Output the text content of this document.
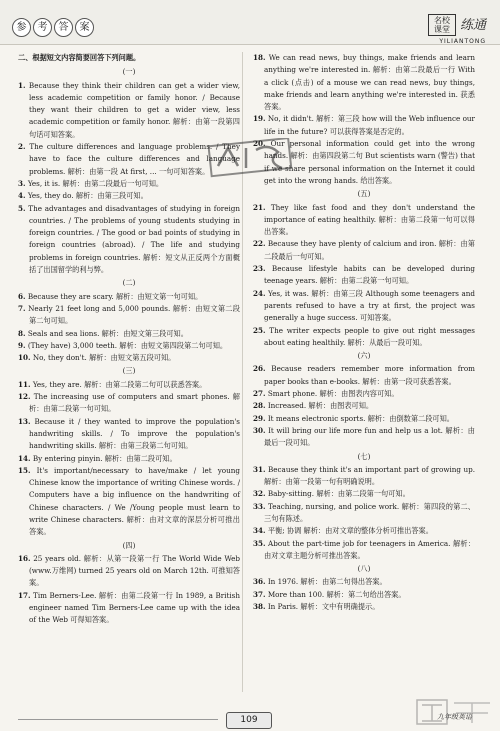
参	考	答	案
名校课堂 练通
YILIANTONG
二、根据短文内容简要回答下列问题。
(一)
1. Because they think their children can get a wider view, less academic competition or family honor. / Because they want their children to get a wider view, less academic competition or family honor. 解析：由第一段第四句话可知答案。
2. The culture differences and language problems. / They have to face the culture differences and language problems. 解析：由第一段 At first, ... 一句可知答案。
3. Yes, it is. 解析：由第二段最后一句可知。
4. Yes, they do. 解析：由第三段可知。
5. The advantages and disadvantages of studying in foreign countries. / The problems of young students studying in foreign countries. / The good or bad points of studying in foreign countries (abroad). / The life and studying problems in foreign countries. 解析：短文从正反两个方面概括了出国留学的利与弊。
(二)
6. Because they are scary. 解析：由短文第一句可知。
7. Nearly 21 feet long and 5,000 pounds. 解析：由短文第二段第二句可知。
8. Seals and sea lions. 解析：由短文第三段可知。
9. (They have) 3,000 teeth. 解析：由短文第四段第二句可知。
10. No, they don't. 解析：由短文第五段可知。
(三)
11. Yes, they are. 解析：由第二段第二句可以获悉答案。
12. The increasing use of computers and smart phones. 解析：由第二段第一句可知。
13. Because it / they wanted to improve the population's handwriting skills. / To improve the population's handwriting skills. 解析：由第三段第二句可知。
14. By entering pinyin. 解析：由第二段可知。
15. It's important/necessary to have/make / let young Chinese know the importance of writing Chinese words. / Computers have a big influence on the handwriting of Chinese characters. / We /Young people must learn to write Chinese characters. 解析：由对文章的深层分析可推出答案。
(四)
16. 25 years old. 解析：从第一段第一行 The World Wide Web (www.万维网) turned 25 years old on March 12th. 可推知答案。
17. Tim Berners-Lee. 解析：由第二段第一行 In 1989, a British engineer named Tim Berners-Lee came up with the idea of the Web 可得知答案。
18. We can read news, buy things, make friends and learn anything we're interested in. 解析：由第二段最后一行 With a click (点击) of a mouse we can read news, buy things, make friends and learn anything we're interested in. 获悉答案。
19. No, it didn't. 解析：第三段 how will the Web influence our life in the future? 可以获得答案是否定的。
20. Our personal information could get into the wrong hands. 解析：由第四段第二句 But scientists warn (警告) that if we share personal information on the Internet it could get into the wrong hands. 给出答案。
(五)
21. They like fast food and they don't understand the importance of eating healthily. 解析：由第二段第一句可以得出答案。
22. Because they have plenty of calcium and iron. 解析：由第二段最后一句可知。
23. Because lifestyle habits can be developed during teenage years. 解析：由第二段第一句可知。
24. Yes, it was. 解析：由第三段 Although some teenagers and parents refused to have a try at first, the project was generally a huge success. 可知答案。
25. The writer expects people to give out right messages about eating healthily. 解析：从最后一段可知。
(六)
26. Because readers remember more information from paper books than e-books. 解析：由第一段可获悉答案。
27. Smart phone. 解析：由图表内容可知。
28. Increased. 解析：由图表可知。
29. It means electronic sports. 解析：由倒数第二段可知。
30. It will bring our life more fun and help us a lot. 解析：由最后一段可知。
(七)
31. Because they think it's an important part of growing up. 解析：由第一段第一句有明确说明。
32. Baby-sitting. 解析：由第二段第一句可知。
33. Teaching, nursing, and police work. 解析：第四段的第二、三句有陈述。
34. 平衡; 协调 解析：由对文章的整体分析可推出答案。
35. About the part-time job for teenagers in America. 解析：由对文章主题分析可推出答案。
(八)
36. In 1976. 解析：由第二句得出答案。
37. More than 100. 解析：第二句给出答案。
38. In Paris. 解析：文中有明确提示。
109	九年级英语
